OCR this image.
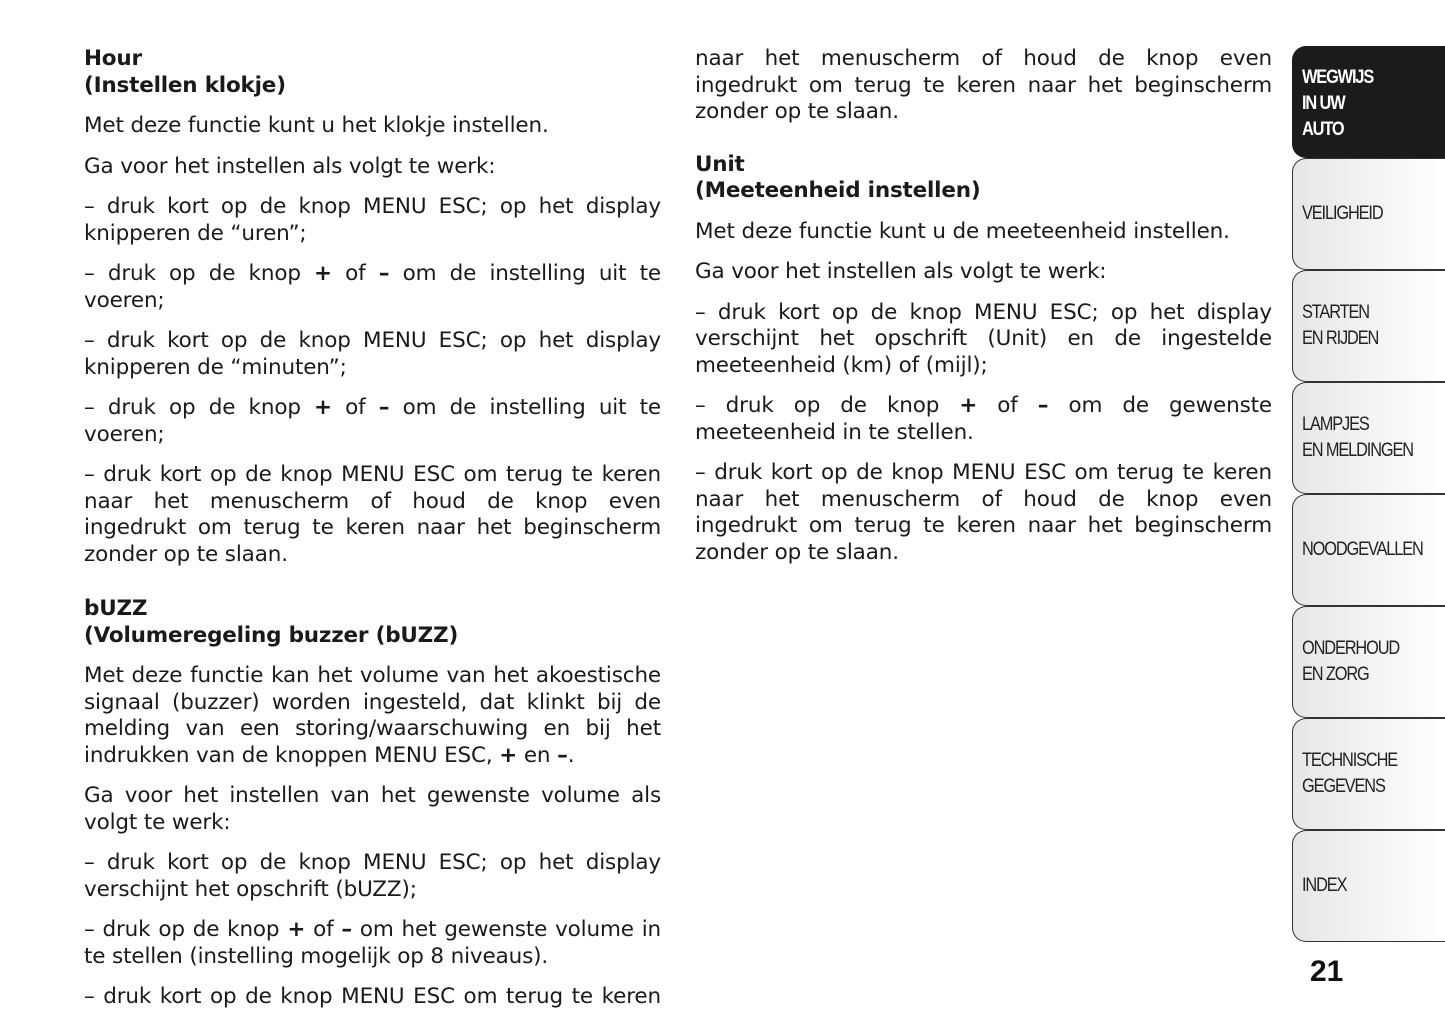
Hour
(Instellen klokje)

Met deze functie kunt u het klokje instellen.

Ga voor het instellen als volgt te werk:

– druk kort op de knop MENU ESC; op het display knipperen de “uren”;

– druk op de knop + of – om de instelling uit te voeren;

– druk kort op de knop MENU ESC; op het display knipperen de “minuten”;

– druk op de knop + of – om de instelling uit te voeren;

– druk kort op de knop MENU ESC om terug te keren naar het menuscherm of houd de knop even ingedrukt om terug te keren naar het beginscherm zonder op te slaan.

bUZZ
(Volumeregeling buzzer (bUZZ)

Met deze functie kan het volume van het akoestische signaal (buzzer) worden ingesteld, dat klinkt bij de melding van een storing/waarschuwing en bij het indrukken van de knoppen MENU ESC, + en –.

Ga voor het instellen van het gewenste volume als volgt te werk:

– druk kort op de knop MENU ESC; op het display verschijnt het opschrift (bUZZ);

– druk op de knop + of – om het gewenste volume in te stellen (instelling mogelijk op 8 niveaus).

– druk kort op de knop MENU ESC om terug te keren

naar het menuscherm of houd de knop even ingedrukt om terug te keren naar het beginscherm zonder op te slaan.

Unit
(Meeteenheid instellen)

Met deze functie kunt u de meeteenheid instellen.

Ga voor het instellen als volgt te werk:

– druk kort op de knop MENU ESC; op het display verschijnt het opschrift (Unit) en de ingestelde meeteenheid (km) of (mijl);

– druk op de knop + of – om de gewenste meeteenheid in te stellen.

– druk kort op de knop MENU ESC om terug te keren naar het menuscherm of houd de knop even ingedrukt om terug te keren naar het beginscherm zonder op te slaan.

WEGWIJS
IN UW
AUTO
VEILIGHEID
STARTEN
EN RIJDEN
LAMPJES
EN MELDINGEN
NOODGEVALLEN
ONDERHOUD
EN ZORG
TECHNISCHE
GEGEVENS
INDEX
21
